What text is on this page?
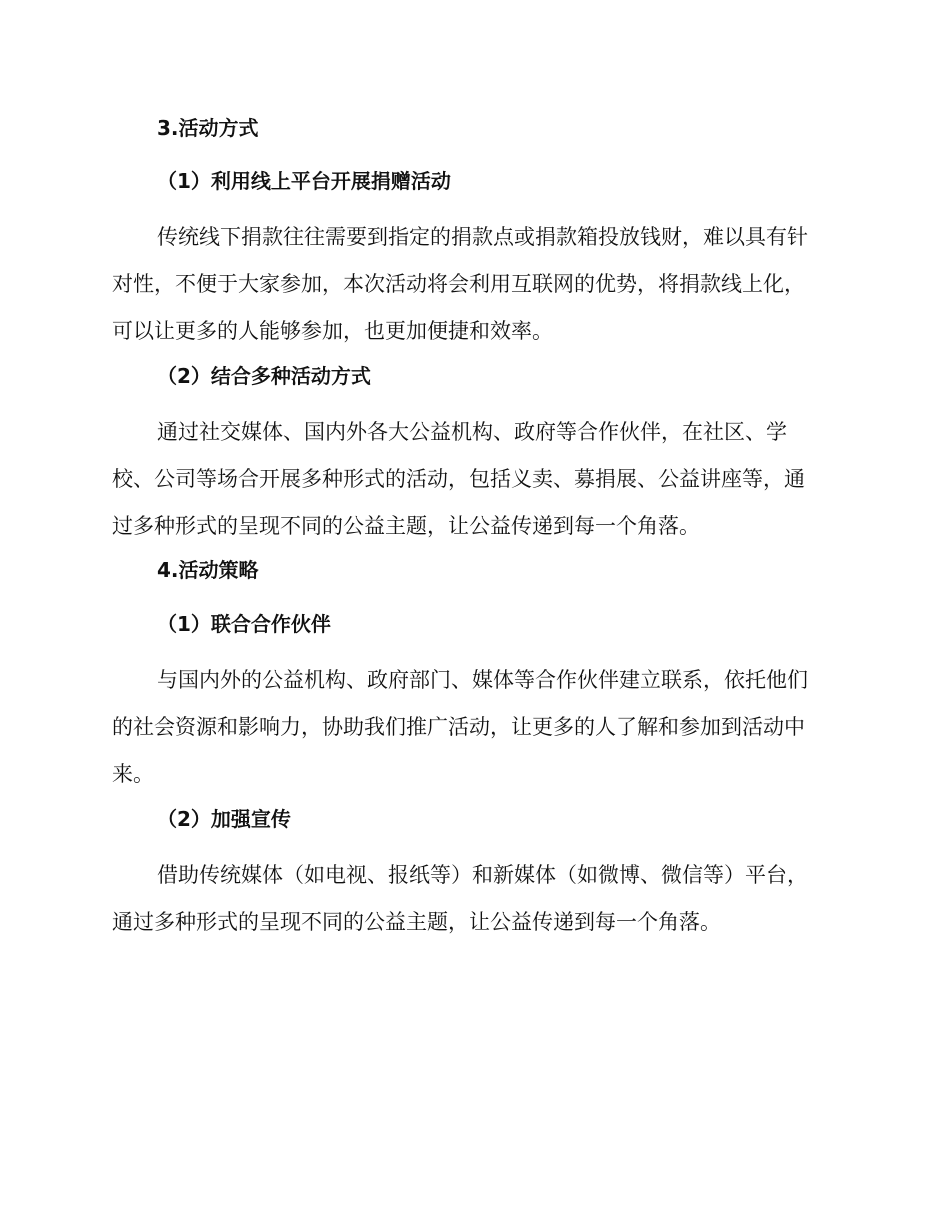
3.活动方式
（1）利用线上平台开展捐赠活动
传统线下捐款往往需要到指定的捐款点或捐款箱投放钱财，难以具有针
对性，不便于大家参加，本次活动将会利用互联网的优势，将捐款线上化，
可以让更多的人能够参加，也更加便捷和效率。
（2）结合多种活动方式
通过社交媒体、国内外各大公益机构、政府等合作伙伴，在社区、学
校、公司等场合开展多种形式的活动，包括义卖、募捐展、公益讲座等，通
过多种形式的呈现不同的公益主题，让公益传递到每一个角落。
4.活动策略
（1）联合合作伙伴
与国内外的公益机构、政府部门、媒体等合作伙伴建立联系，依托他们
的社会资源和影响力，协助我们推广活动，让更多的人了解和参加到活动中
来。
（2）加强宣传
借助传统媒体（如电视、报纸等）和新媒体（如微博、微信等）平台，
通过多种形式的呈现不同的公益主题，让公益传递到每一个角落。
